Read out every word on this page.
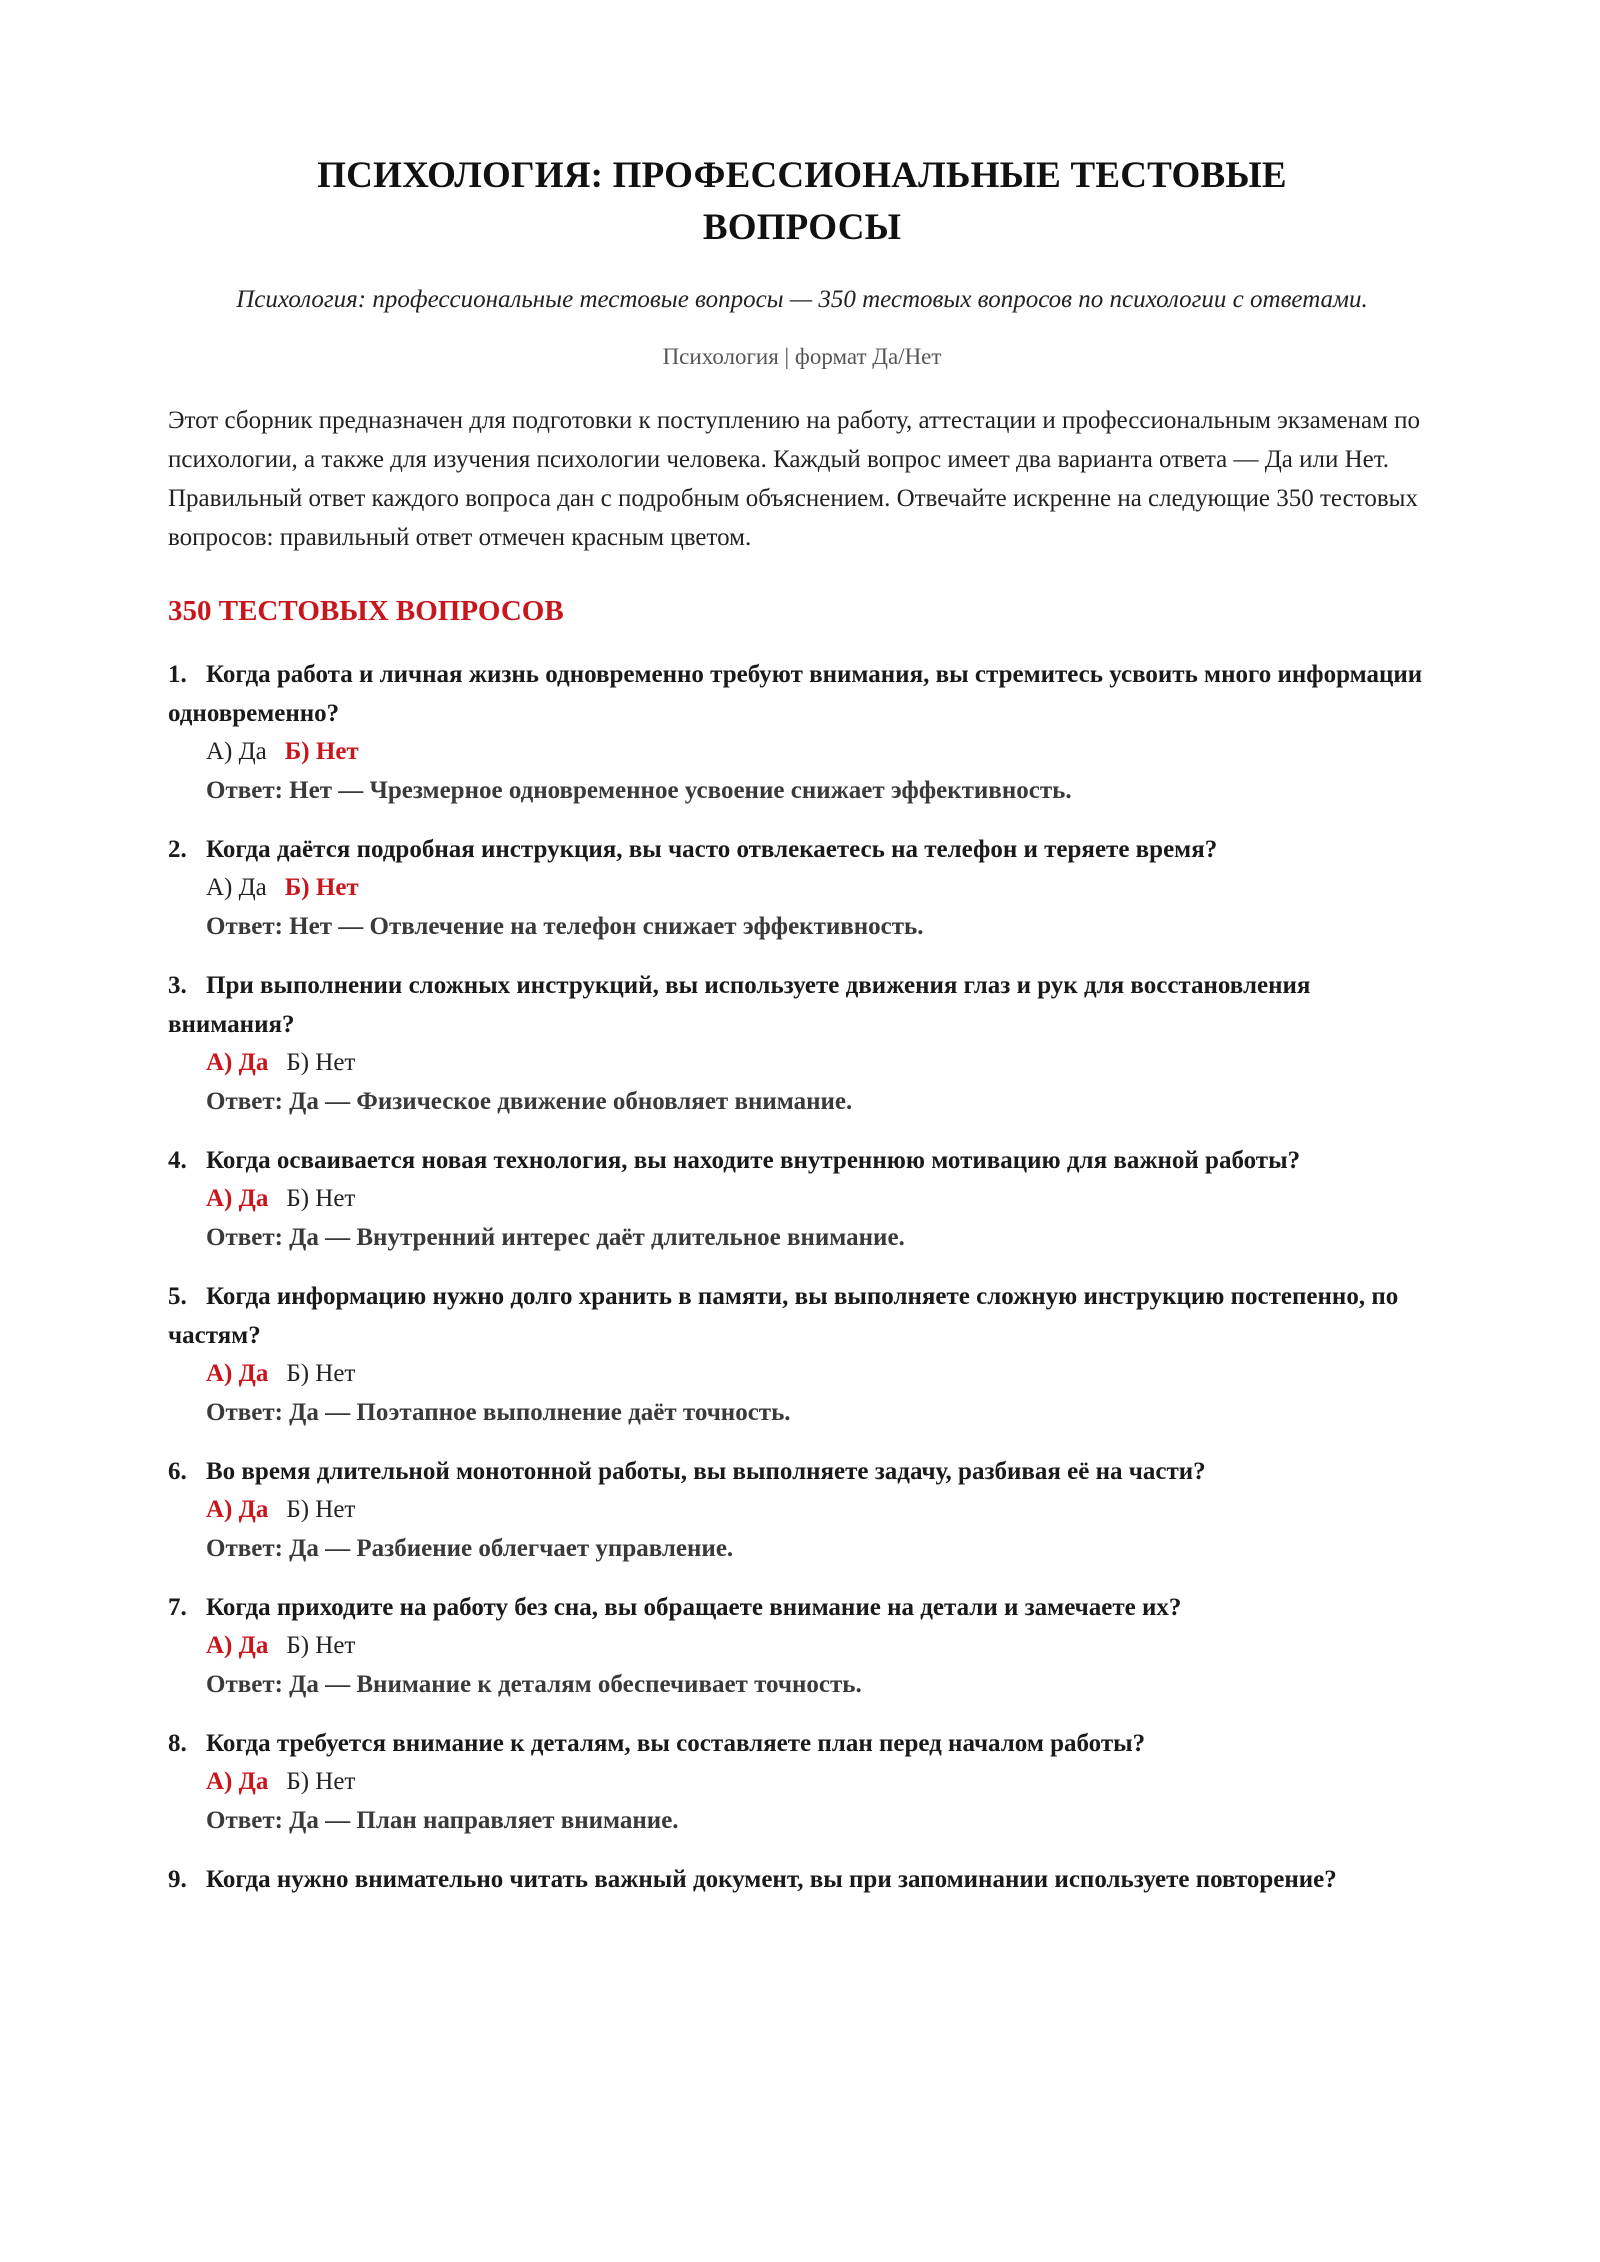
ПСИХОЛОГИЯ: ПРОФЕССИОНАЛЬНЫЕ ТЕСТОВЫЕ ВОПРОСЫ
Психология: профессиональные тестовые вопросы — 350 тестовых вопросов по психологии с ответами.
Психология | формат Да/Нет
Этот сборник предназначен для подготовки к поступлению на работу, аттестации и профессиональным экзаменам по психологии, а также для изучения психологии человека. Каждый вопрос имеет два варианта ответа — Да или Нет. Правильный ответ каждого вопроса дан с подробным объяснением. Отвечайте искренне на следующие 350 тестовых вопросов: правильный ответ отмечен красным цветом.
350 ТЕСТОВЫХ ВОПРОСОВ
1. Когда работа и личная жизнь одновременно требуют внимания, вы стремитесь усвоить много информации одновременно?
А) Да Б) Нет
Ответ: Нет — Чрезмерное одновременное усвоение снижает эффективность.
2. Когда даётся подробная инструкция, вы часто отвлекаетесь на телефон и теряете время?
А) Да Б) Нет
Ответ: Нет — Отвлечение на телефон снижает эффективность.
3. При выполнении сложных инструкций, вы используете движения глаз и рук для восстановления внимания?
А) Да Б) Нет
Ответ: Да — Физическое движение обновляет внимание.
4. Когда осваивается новая технология, вы находите внутреннюю мотивацию для важной работы?
А) Да Б) Нет
Ответ: Да — Внутренний интерес даёт длительное внимание.
5. Когда информацию нужно долго хранить в памяти, вы выполняете сложную инструкцию постепенно, по частям?
А) Да Б) Нет
Ответ: Да — Поэтапное выполнение даёт точность.
6. Во время длительной монотонной работы, вы выполняете задачу, разбивая её на части?
А) Да Б) Нет
Ответ: Да — Разбиение облегчает управление.
7. Когда приходите на работу без сна, вы обращаете внимание на детали и замечаете их?
А) Да Б) Нет
Ответ: Да — Внимание к деталям обеспечивает точность.
8. Когда требуется внимание к деталям, вы составляете план перед началом работы?
А) Да Б) Нет
Ответ: Да — План направляет внимание.
9. Когда нужно внимательно читать важный документ, вы при запоминании используете повторение?
